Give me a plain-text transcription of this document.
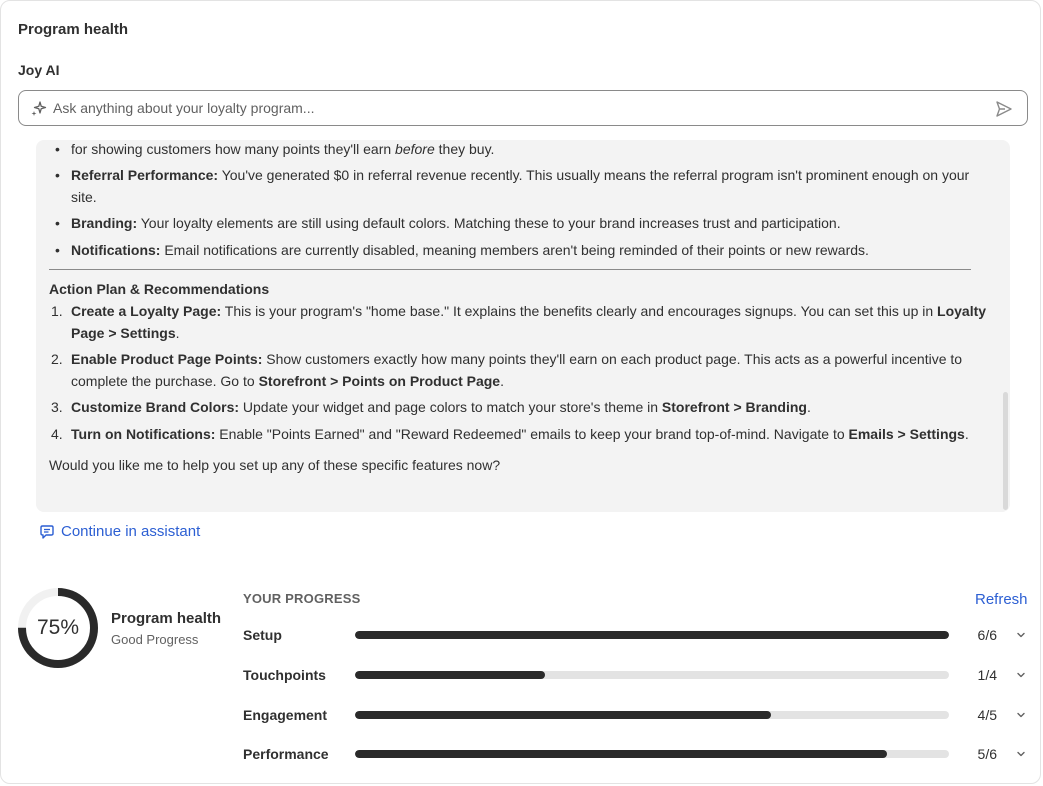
Program health
Joy AI
Ask anything about your loyalty program...
• for showing customers how many points they'll earn before they buy.
• Referral Performance: You've generated $0 in referral revenue recently. This usually means the referral program isn't prominent enough on your site.
• Branding: Your loyalty elements are still using default colors. Matching these to your brand increases trust and participation.
• Notifications: Email notifications are currently disabled, meaning members aren't being reminded of their points or new rewards.
Action Plan & Recommendations
1. Create a Loyalty Page: This is your program's "home base." It explains the benefits clearly and encourages signups. You can set this up in Loyalty Page > Settings.
2. Enable Product Page Points: Show customers exactly how many points they'll earn on each product page. This acts as a powerful incentive to complete the purchase. Go to Storefront > Points on Product Page.
3. Customize Brand Colors: Update your widget and page colors to match your store's theme in Storefront > Branding.
4. Turn on Notifications: Enable "Points Earned" and "Reward Redeemed" emails to keep your brand top-of-mind. Navigate to Emails > Settings.
Would you like me to help you set up any of these specific features now?
Continue in assistant
75%	Program health
Good Progress
YOUR PROGRESS	Refresh
Setup	6/6
Touchpoints	1/4
Engagement	4/5
Performance	5/6
